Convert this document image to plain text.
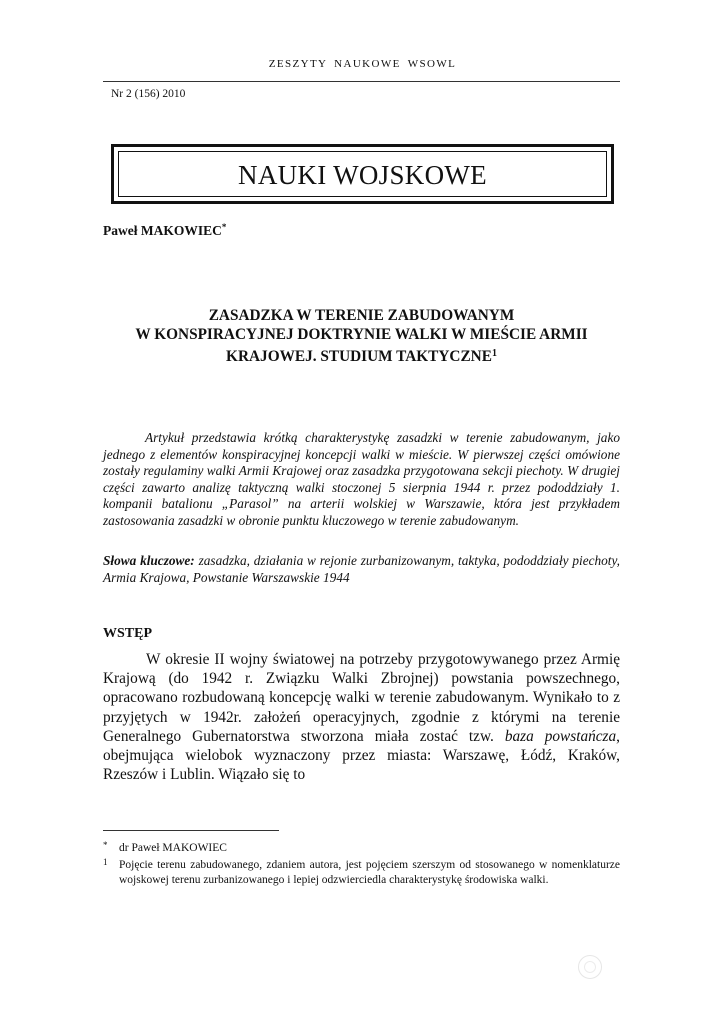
ZESZYTY NAUKOWE WSOWL
Nr 2 (156) 2010
NAUKI WOJSKOWE
Paweł MAKOWIEC*
ZASADZKA W TERENIE ZABUDOWANYM
W KONSPIRACYJNEJ DOKTRYNIE WALKI W MIEŚCIE ARMII
KRAJOWEJ. STUDIUM TAKTYCZNE$^1$

Artykuł przedstawia krótką charakterystykę zasadzki w terenie zabudowanym, jako jednego z elementów konspiracyjnej koncepcji walki w mieście. W pierwszej części omówione zostały regulaminy walki Armii Krajowej oraz zasadzka przygotowana sekcji piechoty. W drugiej części zawarto analizę taktyczną walki stoczonej 5 sierpnia 1944 r. przez pododdziały 1. kompanii batalionu „Parasol” na arterii wolskiej w Warszawie, która jest przykładem zastosowania zasadzki w obronie punktu kluczowego w terenie zabudowanym.

Słowa kluczowe: zasadzka, działania w rejonie zurbanizowanym, taktyka, pododdziały piechoty, Armia Krajowa, Powstanie Warszawskie 1944

WSTĘP

W okresie II wojny światowej na potrzeby przygotowywanego przez Armię Krajową (do 1942 r. Związku Walki Zbrojnej) powstania powszechnego, opracowano rozbudowaną koncepcję walki w terenie zabudowanym. Wynikało to z przyjętych w 1942r. założeń operacyjnych, zgodnie z którymi na terenie Generalnego Gubernatorstwa stworzona miała zostać tzw. baza powstańcza, obejmująca wielobok wyznaczony przez miasta: Warszawę, Łódź, Kraków, Rzeszów i Lublin. Wiązało się to

*	dr Paweł MAKOWIEC
1	Pojęcie terenu zabudowanego, zdaniem autora, jest pojęciem szerszym od stosowanego w nomenklaturze wojskowej terenu zurbanizowanego i lepiej odzwierciedla charakterystykę środowiska walki.
